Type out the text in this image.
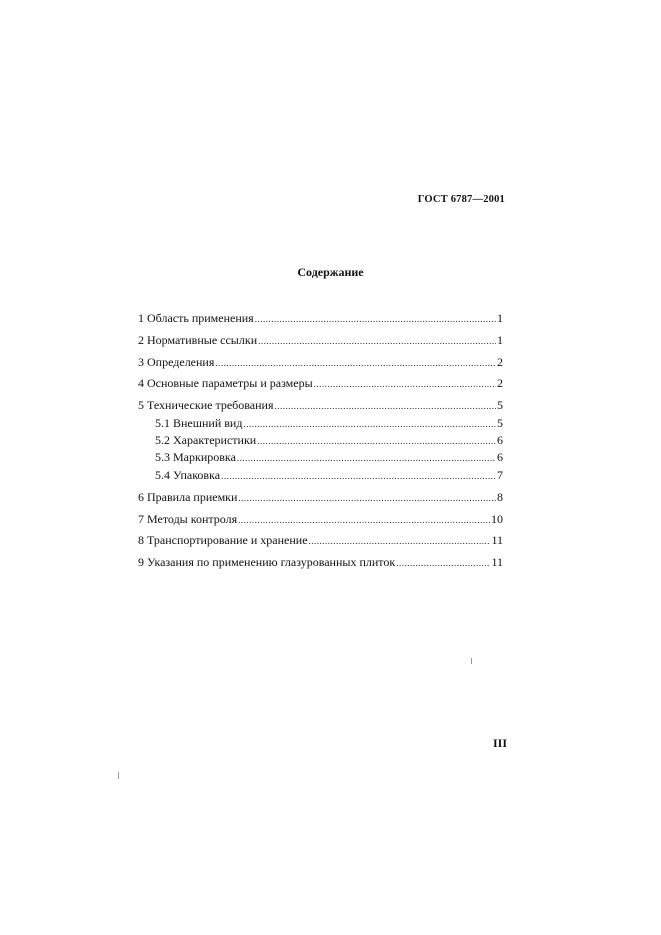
ГОСТ 6787—2001
Содержание
1 Область применения .....	1
2 Нормативные ссылки .....	1
3 Определения .....	2
4 Основные параметры и размеры .....	2
5 Технические требования .....	5
5.1 Внешний вид .....	5
5.2 Характеристики .....	6
5.3 Маркировка .....	6
5.4 Упаковка .....	7
6 Правила приемки .....	8
7 Методы контроля .....	10
8 Транспортирование и хранение .....	11
9 Указания по применению глазурованных плиток .....	11
III
